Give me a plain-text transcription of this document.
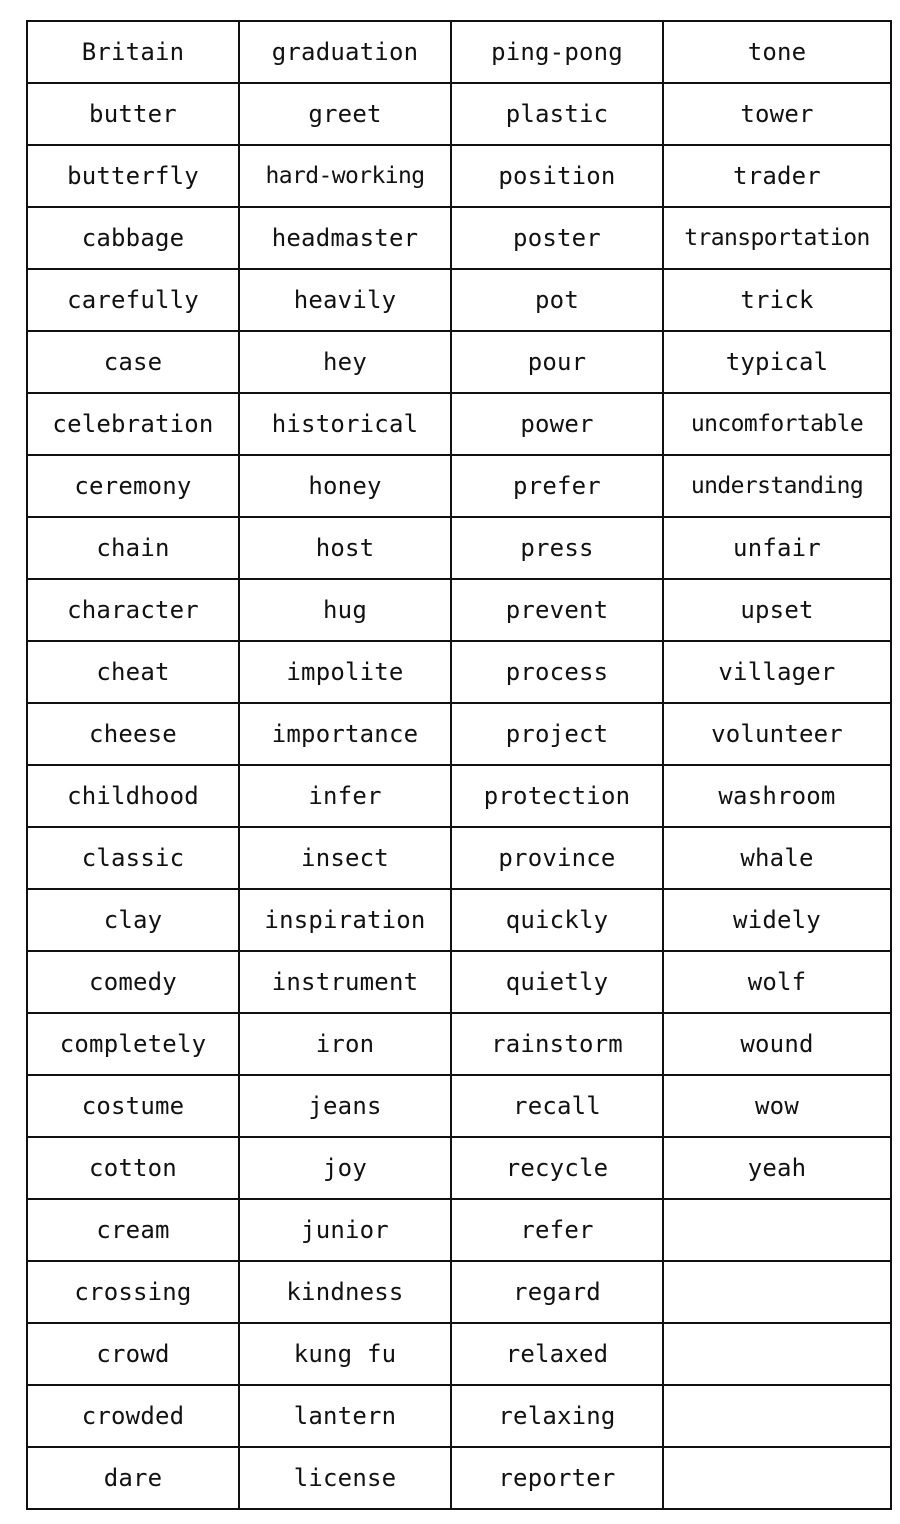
Britain	graduation	ping-pong	tone
butter	greet	plastic	tower
butterfly	hard-working	position	trader
cabbage	headmaster	poster	transportation
carefully	heavily	pot	trick
case	hey	pour	typical
celebration	historical	power	uncomfortable
ceremony	honey	prefer	understanding
chain	host	press	unfair
character	hug	prevent	upset
cheat	impolite	process	villager
cheese	importance	project	volunteer
childhood	infer	protection	washroom
classic	insect	province	whale
clay	inspiration	quickly	widely
comedy	instrument	quietly	wolf
completely	iron	rainstorm	wound
costume	jeans	recall	wow
cotton	joy	recycle	yeah
cream	junior	refer	
crossing	kindness	regard	
crowd	kung fu	relaxed	
crowded	lantern	relaxing	
dare	license	reporter	
